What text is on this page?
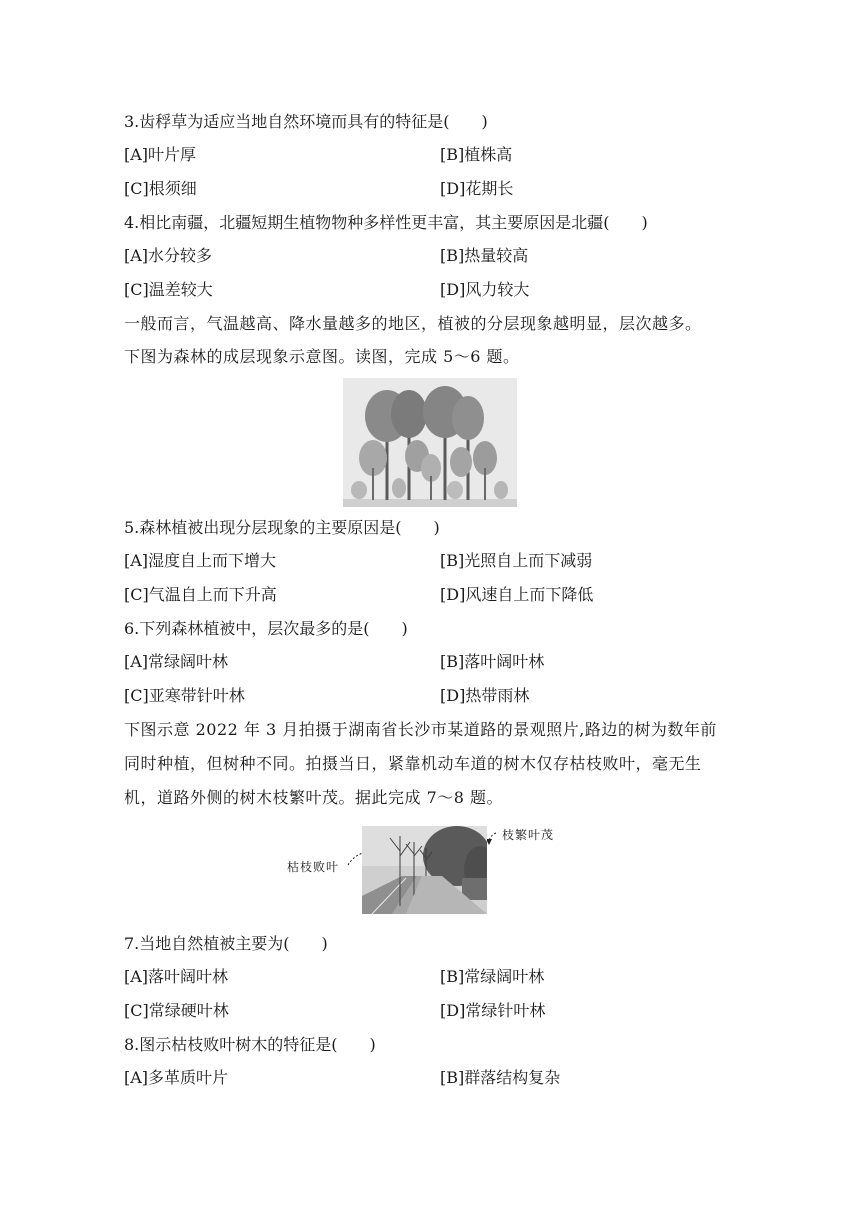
3.齿稃草为适应当地自然环境而具有的特征是(　　)
[A]叶片厚	[B]植株高
[C]根须细	[D]花期长
4.相比南疆，北疆短期生植物物种多样性更丰富，其主要原因是北疆(　　)
[A]水分较多	[B]热量较高
[C]温差较大	[D]风力较大
一般而言，气温越高、降水量越多的地区，植被的分层现象越明显，层次越多。
下图为森林的成层现象示意图。读图，完成 5～6 题。
5.森林植被出现分层现象的主要原因是(　　)
[A]湿度自上而下增大	[B]光照自上而下减弱
[C]气温自上而下升高	[D]风速自上而下降低
6.下列森林植被中，层次最多的是(　　)
[A]常绿阔叶林	[B]落叶阔叶林
[C]亚寒带针叶林	[D]热带雨林
下图示意 2022 年 3 月拍摄于湖南省长沙市某道路的景观照片,路边的树为数年前
同时种植，但树种不同。拍摄当日，紧靠机动车道的树木仅存枯枝败叶，毫无生
机，道路外侧的树木枝繁叶茂。据此完成 7～8 题。
枯枝败叶
枝繁叶茂
7.当地自然植被主要为(　　)
[A]落叶阔叶林	[B]常绿阔叶林
[C]常绿硬叶林	[D]常绿针叶林
8.图示枯枝败叶树木的特征是(　　)
[A]多革质叶片	[B]群落结构复杂
